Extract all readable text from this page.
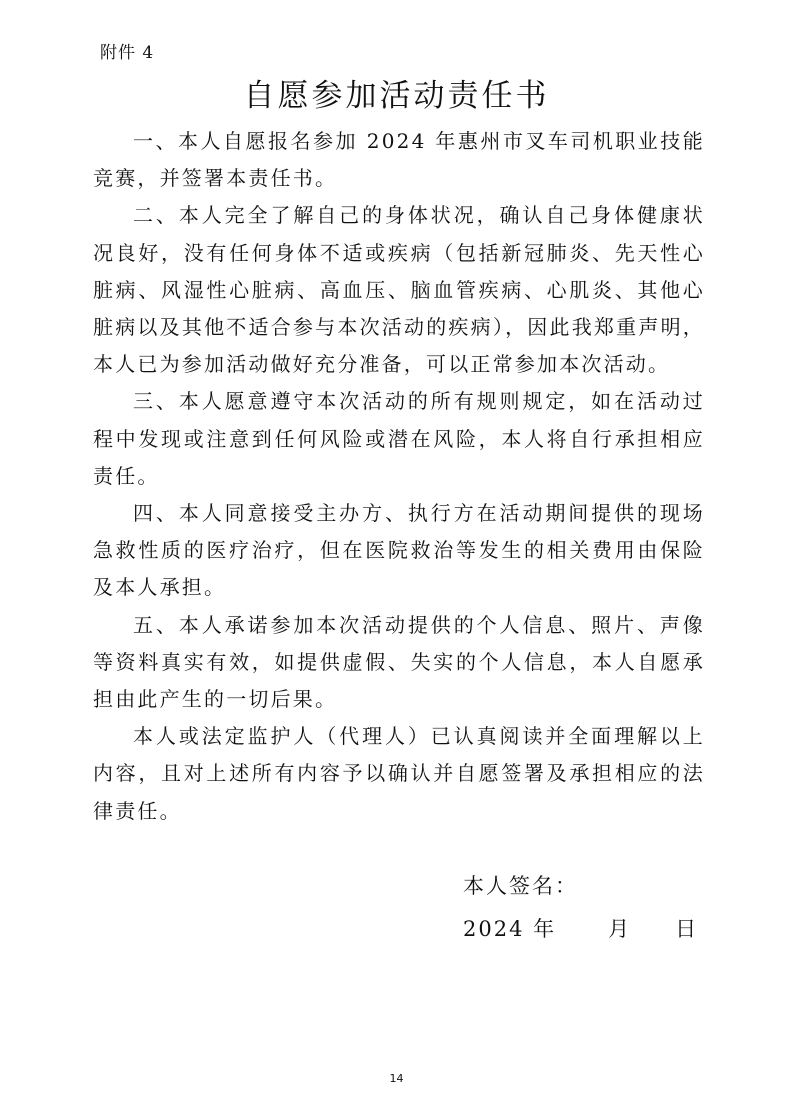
附件 4
自愿参加活动责任书

一、本人自愿报名参加 2024 年惠州市叉车司机职业技能竞赛，并签署本责任书。

二、本人完全了解自己的身体状况，确认自己身体健康状况良好，没有任何身体不适或疾病（包括新冠肺炎、先天性心脏病、风湿性心脏病、高血压、脑血管疾病、心肌炎、其他心脏病以及其他不适合参与本次活动的疾病），因此我郑重声明，本人已为参加活动做好充分准备，可以正常参加本次活动。

三、本人愿意遵守本次活动的所有规则规定，如在活动过程中发现或注意到任何风险或潜在风险，本人将自行承担相应责任。

四、本人同意接受主办方、执行方在活动期间提供的现场急救性质的医疗治疗，但在医院救治等发生的相关费用由保险及本人承担。

五、本人承诺参加本次活动提供的个人信息、照片、声像等资料真实有效，如提供虚假、失实的个人信息，本人自愿承担由此产生的一切后果。

本人或法定监护人（代理人）已认真阅读并全面理解以上内容，且对上述所有内容予以确认并自愿签署及承担相应的法律责任。

本人签名：
2024 年 月 日
14
